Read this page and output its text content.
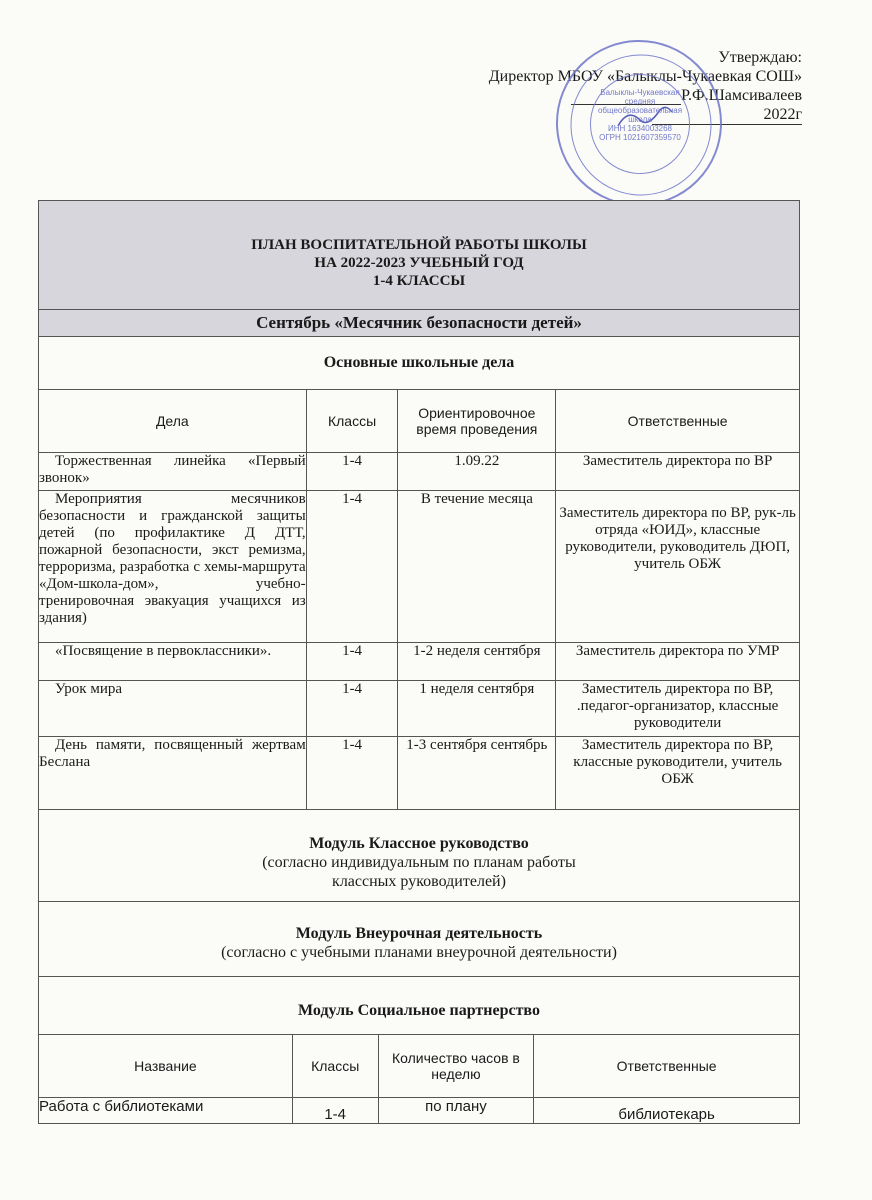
Утверждаю:
Директор МБОУ «Балыклы-Чукаевкая СОШ»
Р.Ф.Шамсивалеев
2022г
Балыклы-Чукаевская
средняя
общеобразовательная
школа
ИНН 1634003268
ОГРН 1021607359570
ПЛАН ВОСПИТАТЕЛЬНОЙ РАБОТЫ ШКОЛЫ
НА 2022-2023 УЧЕБНЫЙ ГОД
1-4 КЛАССЫ

Сентябрь «Месячник безопасности детей»

Основные школьные дела

Дела	Классы	Ориентировочное время проведения	Ответственные

Торжественная линейка «Первый звонок»
	1-4	1.09.22	Заместитель директора по ВР

Мероприятия месячников безопасности и гражданской защиты детей (по профилактике Д ДТТ, пожарной безопасности, экст ремизма, терроризма, разработка с хемы-маршрута «Дом-школа-дом», учебно-тренировочная эвакуация учащихся из здания)
	1-4	В течение месяца	Заместитель директора по ВР, рук-ль отряда «ЮИД», классные руководители, руководитель ДЮП, учитель ОБЖ

«Посвящение в первоклассники».	1-4	1-2 неделя сентября	Заместитель директора по УМР

Урок мира	1-4	1 неделя сентября	Заместитель директора по ВР, .педагог-организатор, классные руководители

День памяти, посвященный жертвам Беслана
	1-4	1-3 сентября сентябрь	Заместитель директора по ВР, классные руководители, учитель ОБЖ

Модуль Классное руководство
(согласно индивидуальным по планам работы
классных руководителей)

Модуль Внеурочная деятельность
(согласно с учебными планами внеурочной деятельности)

Модуль Социальное партнерство

Название	Классы	Количество часов в неделю	Ответственные
Работа с библиотеками	1-4	по плану	библиотекарь
